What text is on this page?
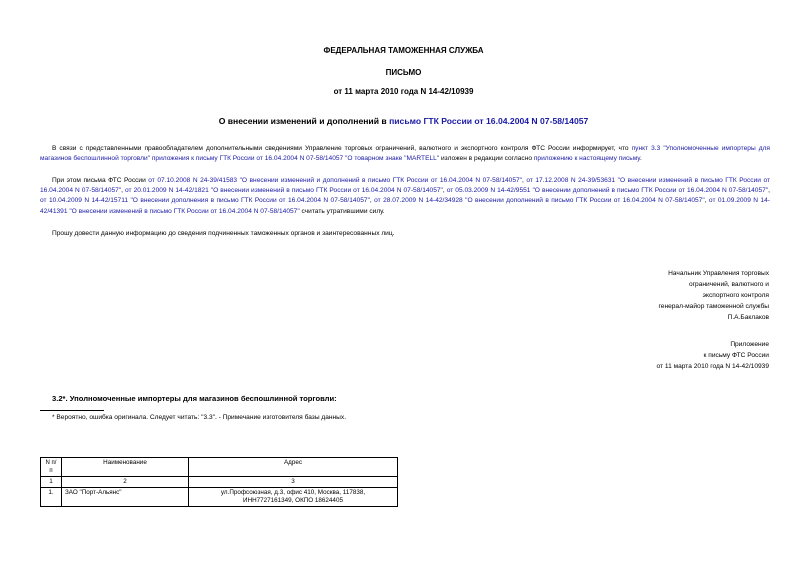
ФЕДЕРАЛЬНАЯ ТАМОЖЕННАЯ СЛУЖБА
ПИСЬМО
от 11 марта 2010 года N 14-42/10939
О внесении изменений и дополнений в письмо ГТК России от 16.04.2004 N 07-58/14057
В связи с представленными правообладателем дополнительными сведениями Управление торговых ограничений, валютного и экспортного контроля ФТС России информирует, что пункт 3.3 "Уполномоченные импортеры для магазинов беспошлинной торговли" приложения к письму ГТК России от 16.04.2004 N 07-58/14057 "О товарном знаке "MARTELL" изложен в редакции согласно приложению к настоящему письму.
При этом письма ФТС России от 07.10.2008 N 24-39/41583 "О внесении изменений и дополнений в письмо ГТК России от 16.04.2004 N 07-58/14057", от 17.12.2008 N 24-39/53631 "О внесении изменений в письмо ГТК России от 16.04.2004 N 07-58/14057", от 20.01.2009 N 14-42/1821 "О внесении изменений в письмо ГТК России от 16.04.2004 N 07-58/14057", от 05.03.2009 N 14-42/9551 "О внесении дополнений в письмо ГТК России от 16.04.2004 N 07-58/14057", от 10.04.2009 N 14-42/15711 "О внесении дополнения в письмо ГТК России от 16.04.2004 N 07-58/14057", от 28.07.2009 N 14-42/34928 "О внесении дополнений в письмо ГТК России от 16.04.2004 N 07-58/14057", от 01.09.2009 N 14-42/41391 "О внесении изменений в письмо ГТК России от 16.04.2004 N 07-58/14057" считать утратившими силу.
Прошу довести данную информацию до сведения подчиненных таможенных органов и заинтересованных лиц.
Начальник Управления торговых
ограничений, валютного и
экспортного контроля
генерал-майор таможенной службы
П.А.Баклаков
Приложение
к письму ФТС России
от 11 марта 2010 года N 14-42/10939
3.2*. Уполномоченные импортеры для магазинов беспошлинной торговли:
* Вероятно, ошибка оригинала. Следует читать: "3.3". - Примечание изготовителя базы данных.
N п/п	Наименование	Адрес
1	2	3
1.	ЗАО "Порт-Альянс"	ул.Профсоюзная, д.3, офис 410, Москва, 117838,
ИНН7727161349, ОКПО 18624405
